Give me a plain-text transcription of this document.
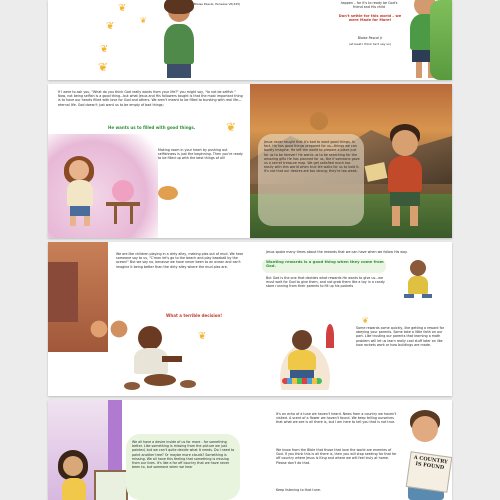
❦
❦
❦
❦
❦
Blaise Pascal, Pensées VII(425)	happen – for it's to ready be God's friend and His child
Don't settle for this world – we were Made for More!
Blaise Pascal Jr
(at least I think he'd say so)
If I were to ask you, "What do you think God really wants from your life?" you might say, "to not be selfish." Now, not being selfish is a good thing...but what Jesus and His followers taught is that the most important thing is to have our hearts filled with love for God and others. We aren't meant to be filled to bursting with real life—eternal life. God doesn't just want us to be empty of bad things;
He wants us to filled with good things.	❦
Making room in your heart by pushing out selfishness is just the beginning. Then you're ready to be filled up with the best things of all!
Jesus never taught that it's bad to want good things. In fact, He has good things prepared for us—things we can barely imagine. He left the world to prepare a place just for us to be forever! He wants us to be searching for the amazing gifts He has planned for us, like if someone gave us a secret treasure map. We get satisfied much too easily with this world when true life waits for us to hold it. It's not that our desires are too strong; they're too weak.
We are like children playing in a dirty alley, making pies out of mud. We hear someone say to us, "C'mon let's go to the beach and play baseball by the ocean!" But we say no, because we have never been to an ocean and can't imagine it being better than the dirty alley where the mud pies are.
What a terrible decision!
❦
Jesus spoke many times about the rewards that we can have when we follow His way.
Wanting rewards is a good thing when they come from God.
But God is the one that decides what rewards He wants to give us...we must wait for God to give them, and not grab them like a toy in a candy store running from their parents to fill up his pockets
❦
Some rewards come quickly, like getting a reward for obeying your parents. Some take a little faith on our part. Like trusting our parents that learning a math problem will let us learn really cool stuff later on like how rockets work or how buildings are made.
We all have a desire inside of us for more - for something better. Like something is missing from the picture we just painted, but we can't quite decide what it needs. Do I need to paint another tree? Or maybe more clouds? Something is missing. We all have this feeling that something is missing from our lives. It's like a far off country that we have never been to, but someone when we hear
It's an echo of a tune we haven't heard. News from a country we haven't visited. A scent of a flower we haven't found. We keep telling ourselves that what we see is all there is, but I am here to tell you that is not true.
We know from the Bible that those that love the world are enemies of God. If you think this is all there is, then you will stop seeking for that far off country where Jesus is King and where we will feel truly at home. Please don't do that.
Keep listening to that tune.
A COUNTRY IS FOUND
